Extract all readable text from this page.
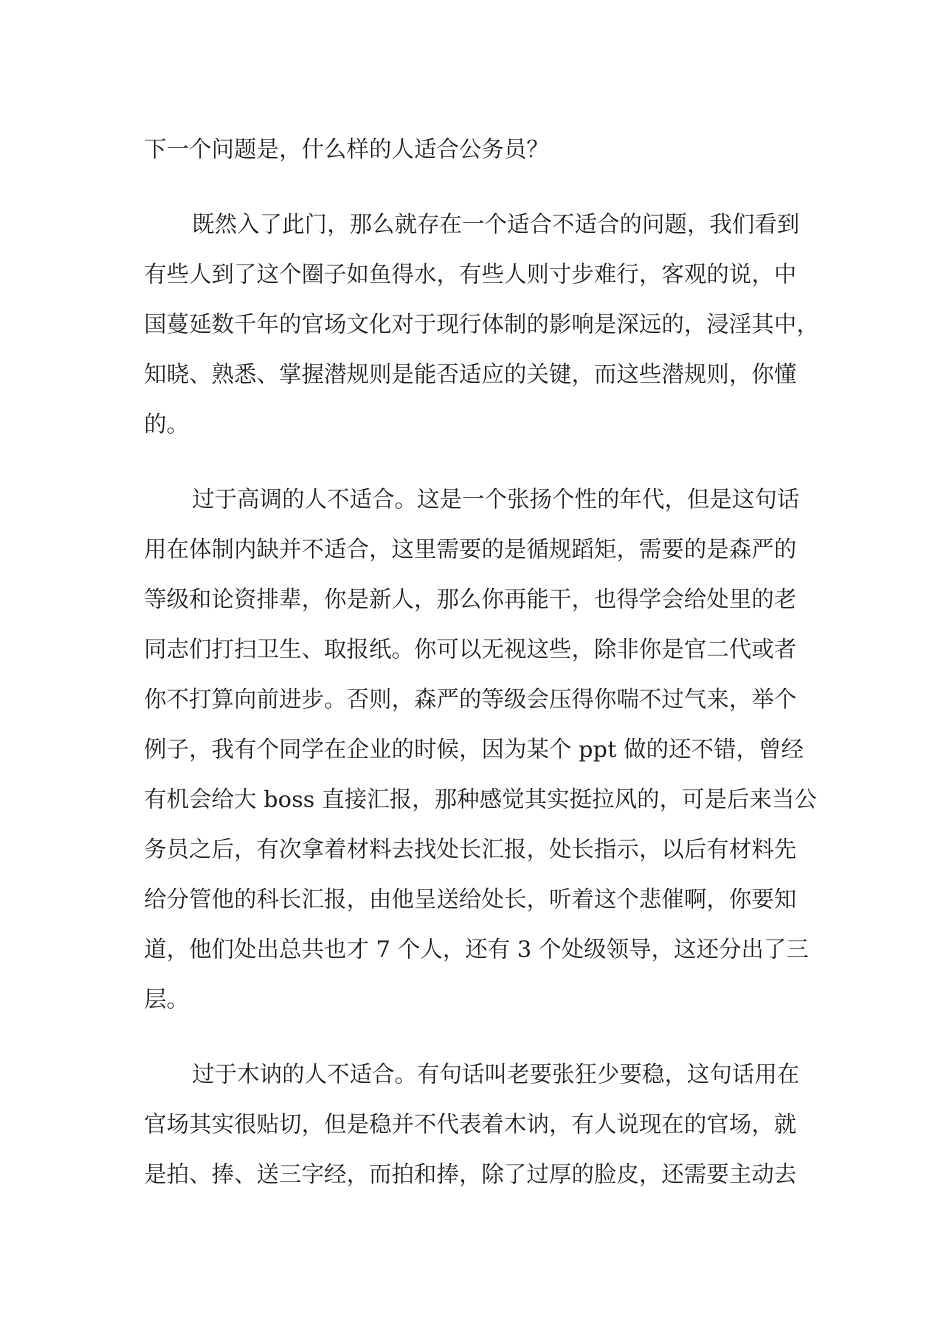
下一个问题是，什么样的人适合公务员？

既然入了此门，那么就存在一个适合不适合的问题，我们看到

有些人到了这个圈子如鱼得水，有些人则寸步难行，客观的说，中

国蔓延数千年的官场文化对于现行体制的影响是深远的，浸淫其中，

知晓、熟悉、掌握潜规则是能否适应的关键，而这些潜规则，你懂

的。

过于高调的人不适合。这是一个张扬个性的年代，但是这句话

用在体制内缺并不适合，这里需要的是循规蹈矩，需要的是森严的

等级和论资排辈，你是新人，那么你再能干，也得学会给处里的老

同志们打扫卫生、取报纸。你可以无视这些，除非你是官二代或者

你不打算向前进步。否则，森严的等级会压得你喘不过气来，举个

例子，我有个同学在企业的时候，因为某个 ppt 做的还不错，曾经

有机会给大 boss 直接汇报，那种感觉其实挺拉风的，可是后来当公

务员之后，有次拿着材料去找处长汇报，处长指示，以后有材料先

给分管他的科长汇报，由他呈送给处长，听着这个悲催啊，你要知

道，他们处出总共也才 7 个人，还有 3 个处级领导，这还分出了三

层。

过于木讷的人不适合。有句话叫老要张狂少要稳，这句话用在

官场其实很贴切，但是稳并不代表着木讷，有人说现在的官场，就

是拍、捧、送三字经，而拍和捧，除了过厚的脸皮，还需要主动去
